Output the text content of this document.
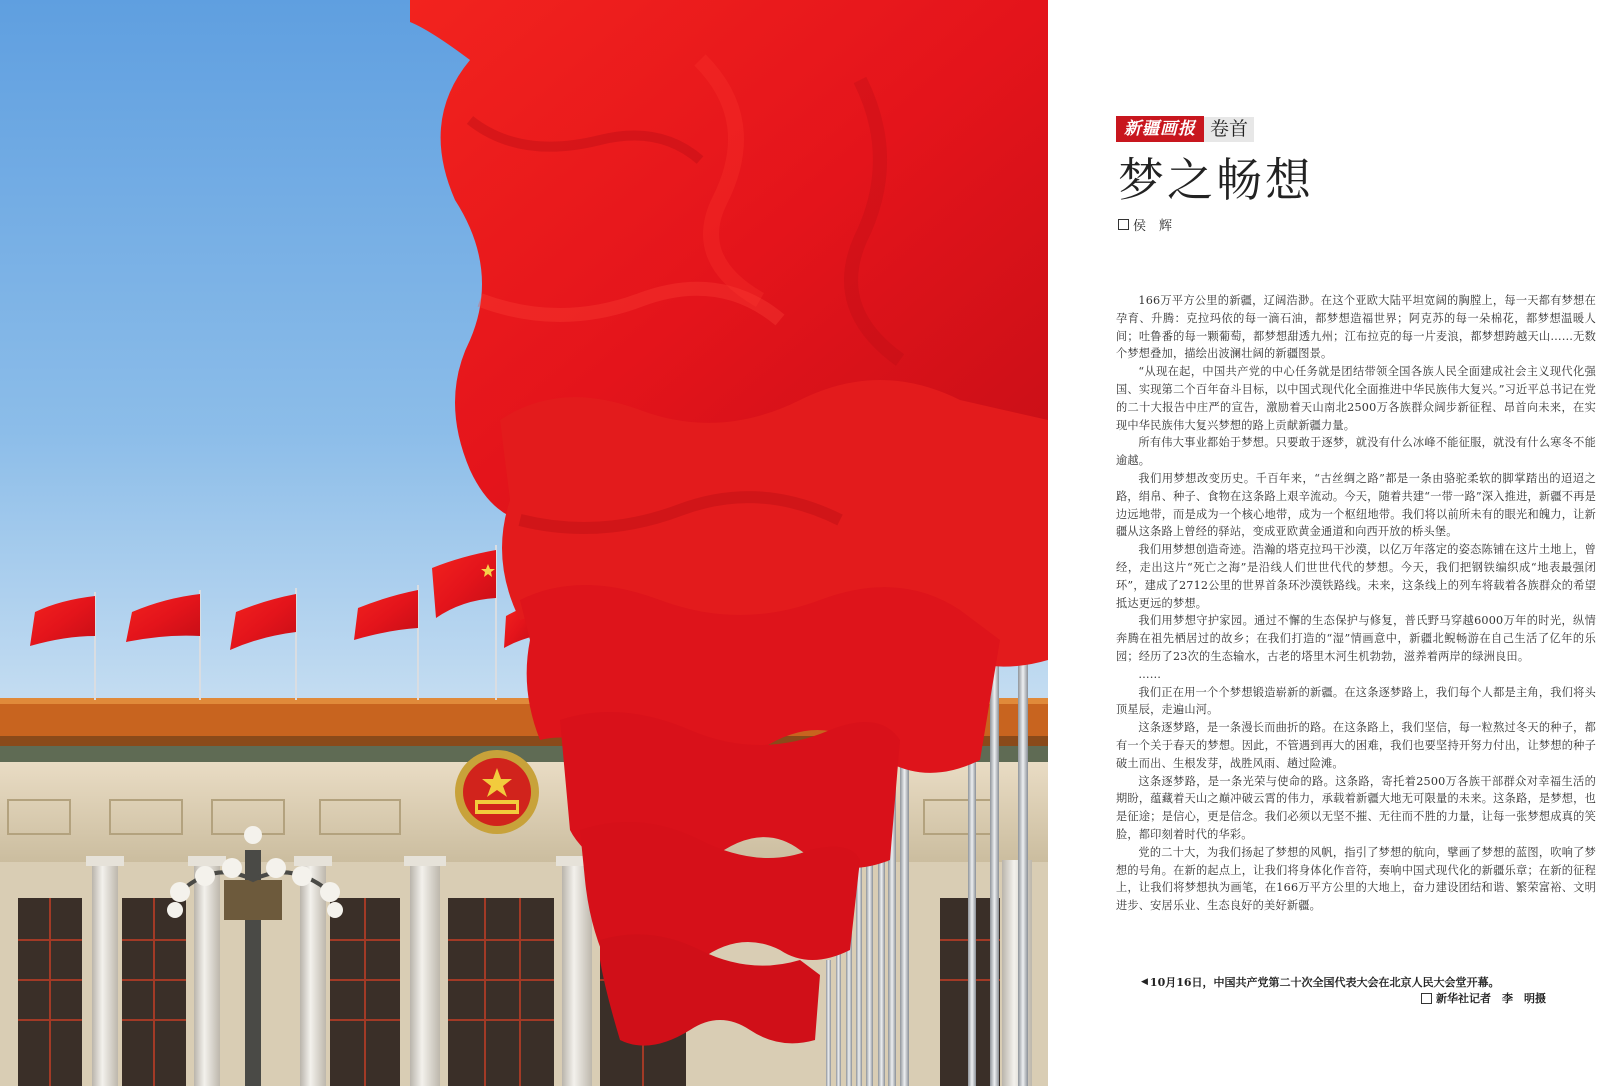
新疆画报 卷首
梦之畅想
侯　辉

166万平方公里的新疆，辽阔浩渺。在这个亚欧大陆平坦宽阔的胸膛上，每一天都有梦想在孕育、升腾：克拉玛依的每一滴石油，都梦想造福世界；阿克苏的每一朵棉花，都梦想温暖人间；吐鲁番的每一颗葡萄，都梦想甜透九州；江布拉克的每一片麦浪，都梦想跨越天山……无数个梦想叠加，描绘出波澜壮阔的新疆图景。

“从现在起，中国共产党的中心任务就是团结带领全国各族人民全面建成社会主义现代化强国、实现第二个百年奋斗目标，以中国式现代化全面推进中华民族伟大复兴。”习近平总书记在党的二十大报告中庄严的宣告，激励着天山南北2500万各族群众阔步新征程、昂首向未来，在实现中华民族伟大复兴梦想的路上贡献新疆力量。

所有伟大事业都始于梦想。只要敢于逐梦，就没有什么冰峰不能征服，就没有什么寒冬不能逾越。

我们用梦想改变历史。千百年来，“古丝绸之路”都是一条由骆驼柔软的脚掌踏出的迢迢之路，绢帛、种子、食物在这条路上艰辛流动。今天，随着共建“一带一路”深入推进，新疆不再是边远地带，而是成为一个核心地带，成为一个枢纽地带。我们将以前所未有的眼光和魄力，让新疆从这条路上曾经的驿站，变成亚欧黄金通道和向西开放的桥头堡。

我们用梦想创造奇迹。浩瀚的塔克拉玛干沙漠，以亿万年落定的姿态陈铺在这片土地上，曾经，走出这片“死亡之海”是沿线人们世世代代的梦想。今天，我们把钢铁编织成“地表最强闭环”，建成了2712公里的世界首条环沙漠铁路线。未来，这条线上的列车将载着各族群众的希望抵达更远的梦想。

我们用梦想守护家园。通过不懈的生态保护与修复，普氏野马穿越6000万年的时光，纵情奔腾在祖先栖居过的故乡；在我们打造的“湿”情画意中，新疆北鲵畅游在自己生活了亿年的乐园；经历了23次的生态输水，古老的塔里木河生机勃勃，滋养着两岸的绿洲良田。

……

我们正在用一个个梦想锻造崭新的新疆。在这条逐梦路上，我们每个人都是主角，我们将头顶星辰，走遍山河。

这条逐梦路，是一条漫长而曲折的路。在这条路上，我们坚信，每一粒熬过冬天的种子，都有一个关于春天的梦想。因此，不管遇到再大的困难，我们也要坚持开努力付出，让梦想的种子破土而出、生根发芽，战胜风雨、趟过险滩。

这条逐梦路，是一条光荣与使命的路。这条路，寄托着2500万各族干部群众对幸福生活的期盼，蕴藏着天山之巅冲破云霄的伟力，承载着新疆大地无可限量的未来。这条路，是梦想，也是征途；是信心，更是信念。我们必须以无坚不摧、无往而不胜的力量，让每一张梦想成真的笑脸，都印刻着时代的华彩。

党的二十大，为我们扬起了梦想的风帆，指引了梦想的航向，擘画了梦想的蓝图，吹响了梦想的号角。在新的起点上，让我们将身体化作音符，奏响中国式现代化的新疆乐章；在新的征程上，让我们将梦想执为画笔，在166万平方公里的大地上，奋力建设团结和谐、繁荣富裕、文明进步、安居乐业、生态良好的美好新疆。

◀ 10月16日，中国共产党第二十次全国代表大会在北京人民大会堂开幕。
新华社记者　李　明摄
